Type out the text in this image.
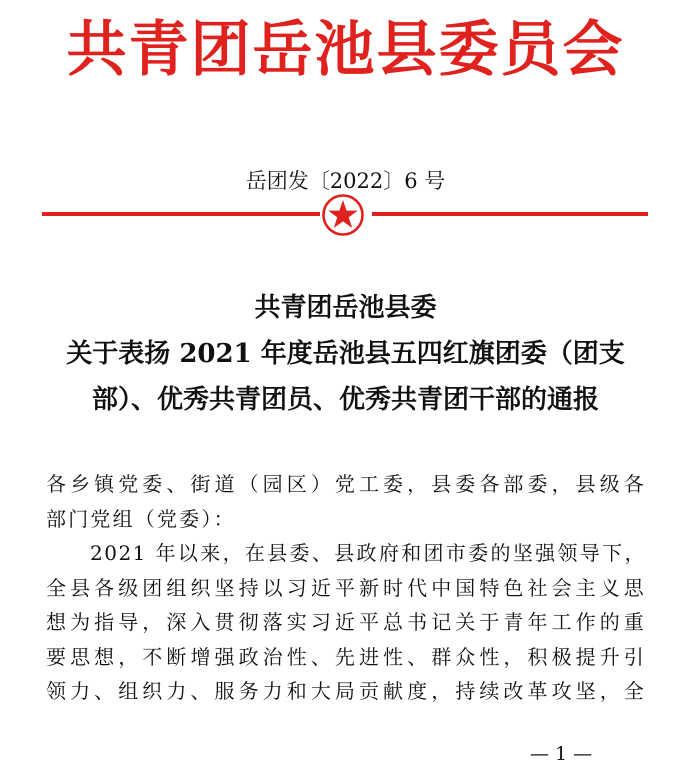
共青团岳池县委员会
岳团发〔2022〕6 号
共青团岳池县委
关于表扬 2021 年度岳池县五四红旗团委（团支
部）、优秀共青团员、优秀共青团干部的通报
各乡镇党委、街道（园区）党工委，县委各部委，县级各
部门党组（党委）：
2021 年以来，在县委、县政府和团市委的坚强领导下，
全县各级团组织坚持以习近平新时代中国特色社会主义思
想为指导，深入贯彻落实习近平总书记关于青年工作的重
要思想，不断增强政治性、先进性、群众性，积极提升引
领力、组织力、服务力和大局贡献度，持续改革攻坚，全
— 1 —
